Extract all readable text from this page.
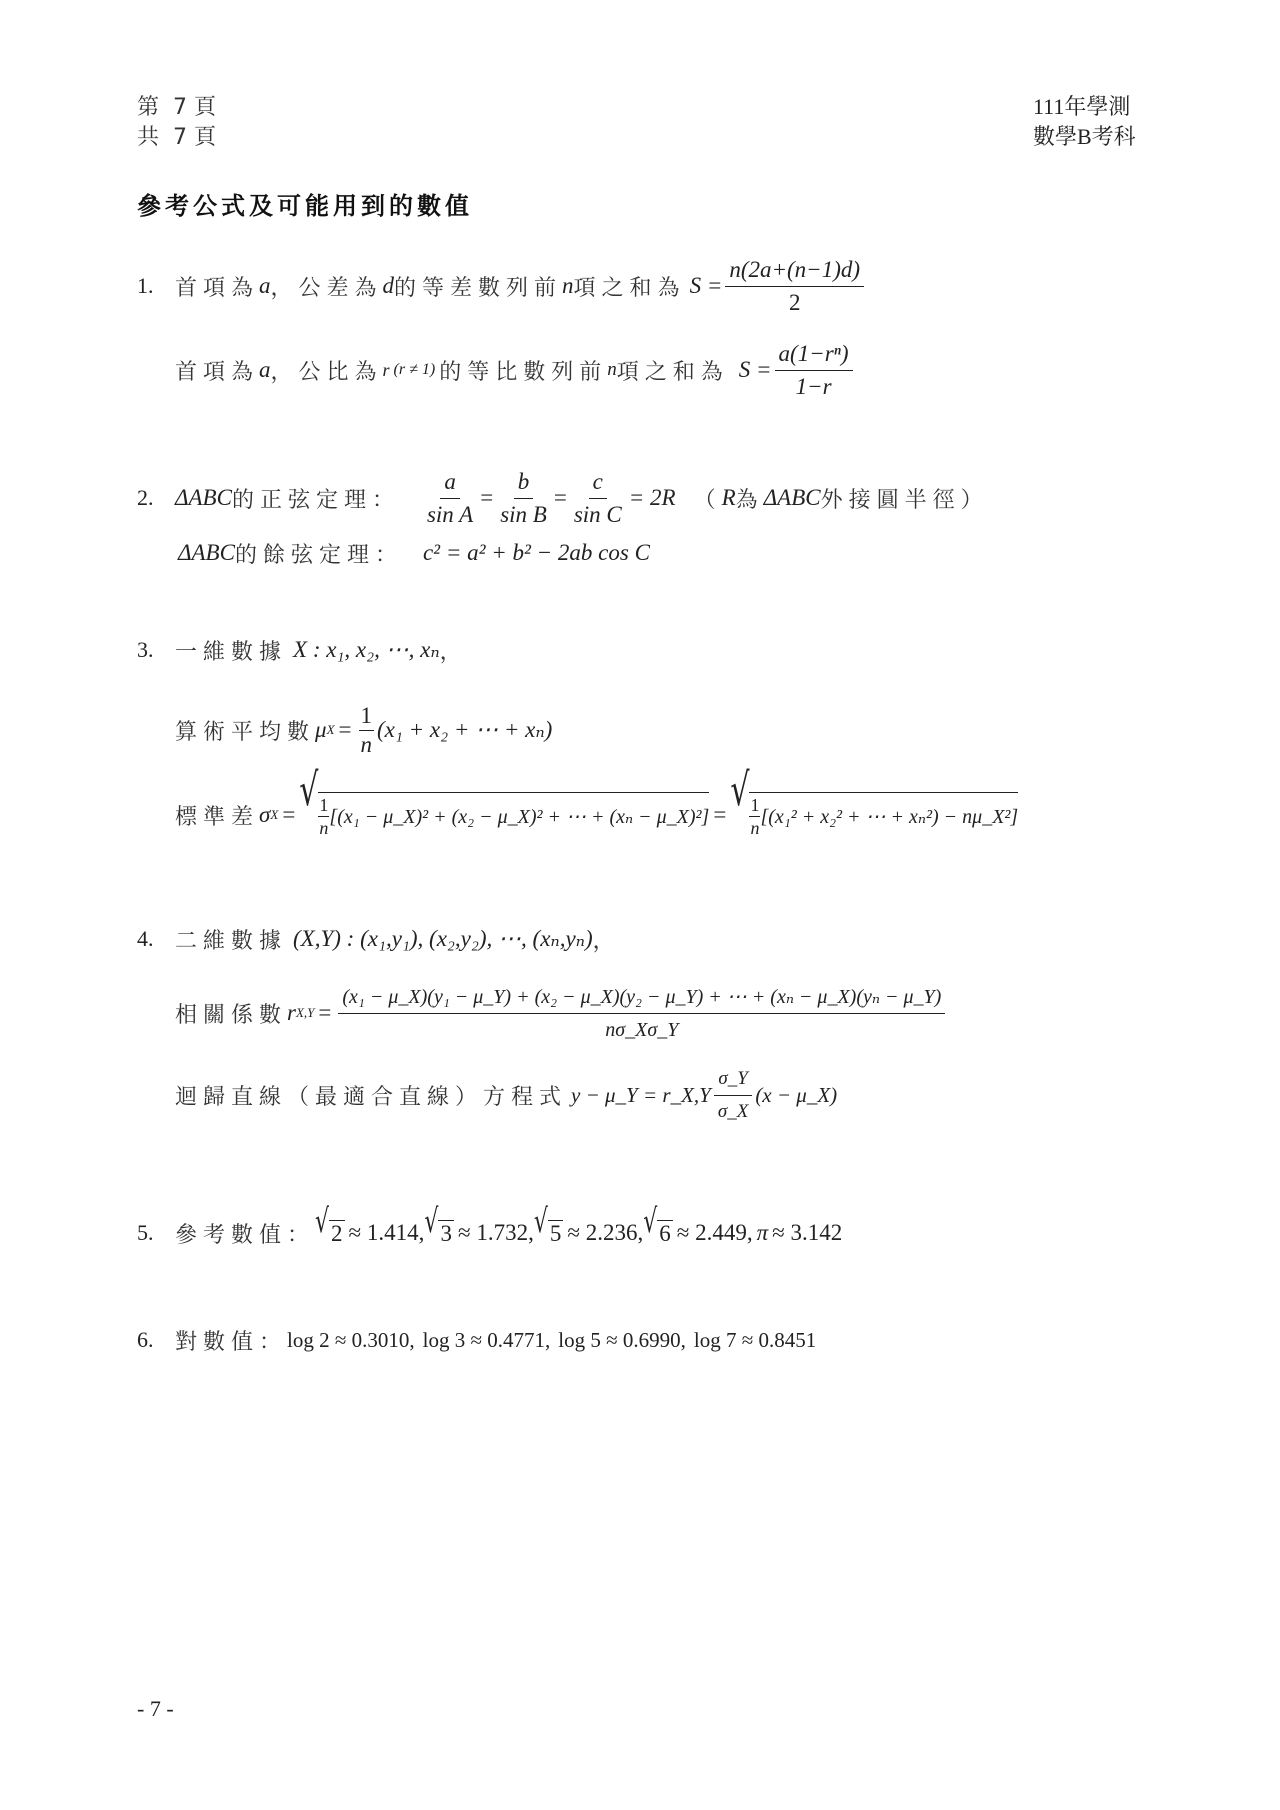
第  7 頁
共  7 頁
111年學測
數學B考科
參考公式及可能用到的數值
1. 首項為 a ，公差為 d 的等差數列前 n 項之和為 $S = \frac{n(2a+(n-1)d)}{2}$
首項為 a ，公比為 r (r ≠ 1) 的等比數列前 n 項之和為 $S = \frac{\text{a(1−rⁿ)}}{1-r}$
2. ΔABC 的正弦定理： $\frac{a}{\text{sin A}} = \frac{b}{\text{sin B}} = \frac{c}{\text{sin C}} = 2R$ （ R 為 ΔABC 外接圓半徑 ）
ΔABC 的餘弦定理： c² = a² + b² − 2ab cos C
3. 一維數據 X : x₁, x₂, ⋯, xₙ ，
算術平均數 μ $X = \frac{1}{n} (x_1 + x_2$ + ⋯ + xₙ)
標準差 σ X = √ $\frac{1}{n} [(x_1$ − μ_X)² + (x₂ − μ_X)² + ⋯ + (xₙ − μ_X)²] = √ $\frac{1}{n} [(x_1^2 + x_2^2$ + ⋯ + xₙ²) − nμ_X²]
4. 二維數據 (X,Y) : (x₁,y₁), (x₂,y₂), ⋯, (xₙ,yₙ) ，
相關係數 r X,Y =
(x₁ − μ_X)(y₁ − μ_Y) + (x₂ − μ_X)(y₂ − μ_Y) + ⋯ + (xₙ − μ_X)(yₙ − μ_Y)
nσ_Xσ_Y
迴歸直線（最適合直線）方程式 y − μ_Y = r_X,Y $\frac{\sigma\_Y}{\sigma\_X} (x$ − μ_X)
5. 參考數值： √ 2 ≈ 1.414 , √ 3 ≈ 1.732 , √ 5 ≈ 2.236 , √ 6 ≈ 2.449 , π ≈ 3.142
6. 對數值： log 2 ≈ 0.3010, log 3 ≈ 0.4771, log 5 ≈ 0.6990, log 7 ≈ 0.8451
- 7 -
